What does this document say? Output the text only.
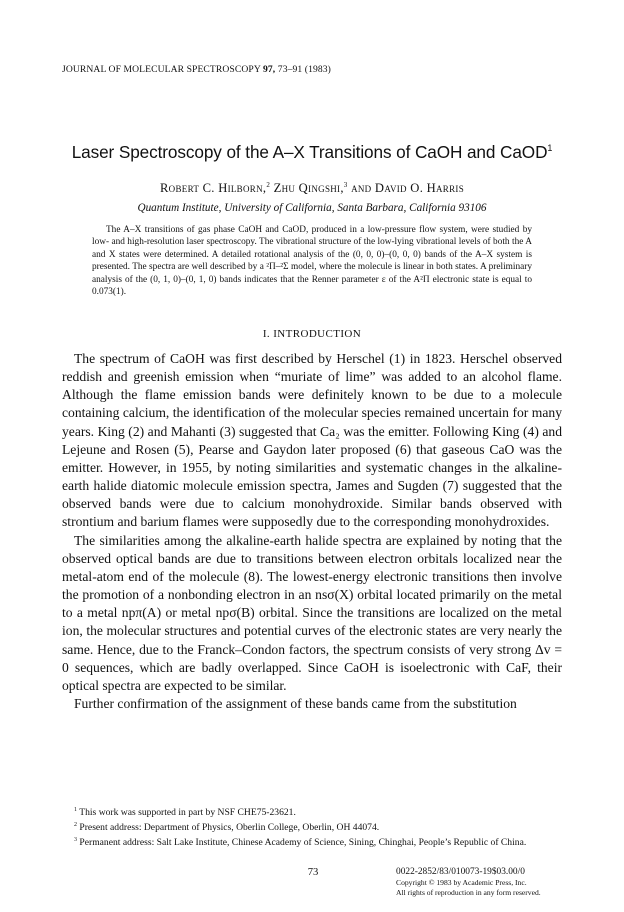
JOURNAL OF MOLECULAR SPECTROSCOPY 97, 73–91 (1983)
Laser Spectroscopy of the A–X Transitions of CaOH and CaOD$^1$
Robert C. Hilborn,$^2$ Zhu Qingshi,$^3$ and David O. Harris
Quantum Institute, University of California, Santa Barbara, California 93106
The A–X transitions of gas phase CaOH and CaOD, produced in a low-pressure flow system, were studied by low- and high-resolution laser spectroscopy. The vibrational structure of the low-lying vibrational levels of both the A and X states were determined. A detailed rotational analysis of the (0, 0, 0)–(0, 0, 0) bands of the A–X system is presented. The spectra are well described by a ²Π–²Σ model, where the molecule is linear in both states. A preliminary analysis of the (0, 1, 0)–(0, 1, 0) bands indicates that the Renner parameter ε of the A²Π electronic state is equal to 0.073(1).
I. INTRODUCTION

The spectrum of CaOH was first described by Herschel (1) in 1823. Herschel observed reddish and greenish emission when “muriate of lime” was added to an alcohol flame. Although the flame emission bands were definitely known to be due to a molecule containing calcium, the identification of the molecular species remained uncertain for many years. King (2) and Mahanti (3) suggested that Ca₂ was the emitter. Following King (4) and Lejeune and Rosen (5), Pearse and Gaydon later proposed (6) that gaseous CaO was the emitter. However, in 1955, by noting similarities and systematic changes in the alkaline-earth halide diatomic molecule emission spectra, James and Sugden (7) suggested that the observed bands were due to calcium monohydroxide. Similar bands observed with strontium and barium flames were supposedly due to the corresponding monohydroxides.

The similarities among the alkaline-earth halide spectra are explained by noting that the observed optical bands are due to transitions between electron orbitals localized near the metal-atom end of the molecule (8). The lowest-energy electronic transitions then involve the promotion of a nonbonding electron in an nsσ(X) orbital located primarily on the metal to a metal npπ(A) or metal npσ(B) orbital. Since the transitions are localized on the metal ion, the molecular structures and potential curves of the electronic states are very nearly the same. Hence, due to the Franck–Condon factors, the spectrum consists of very strong Δv = 0 sequences, which are badly overlapped. Since CaOH is isoelectronic with CaF, their optical spectra are expected to be similar.

Further confirmation of the assignment of these bands came from the substitution

$^1$ This work was supported in part by NSF CHE75-23621.

$^2$ Present address: Department of Physics, Oberlin College, Oberlin, OH 44074.

$^3$ Permanent address: Salt Lake Institute, Chinese Academy of Science, Sining, Chinghai, People’s Republic of China.

73	0022-2852/83/010073-19$03.00/0
Copyright © 1983 by Academic Press, Inc.
All rights of reproduction in any form reserved.
